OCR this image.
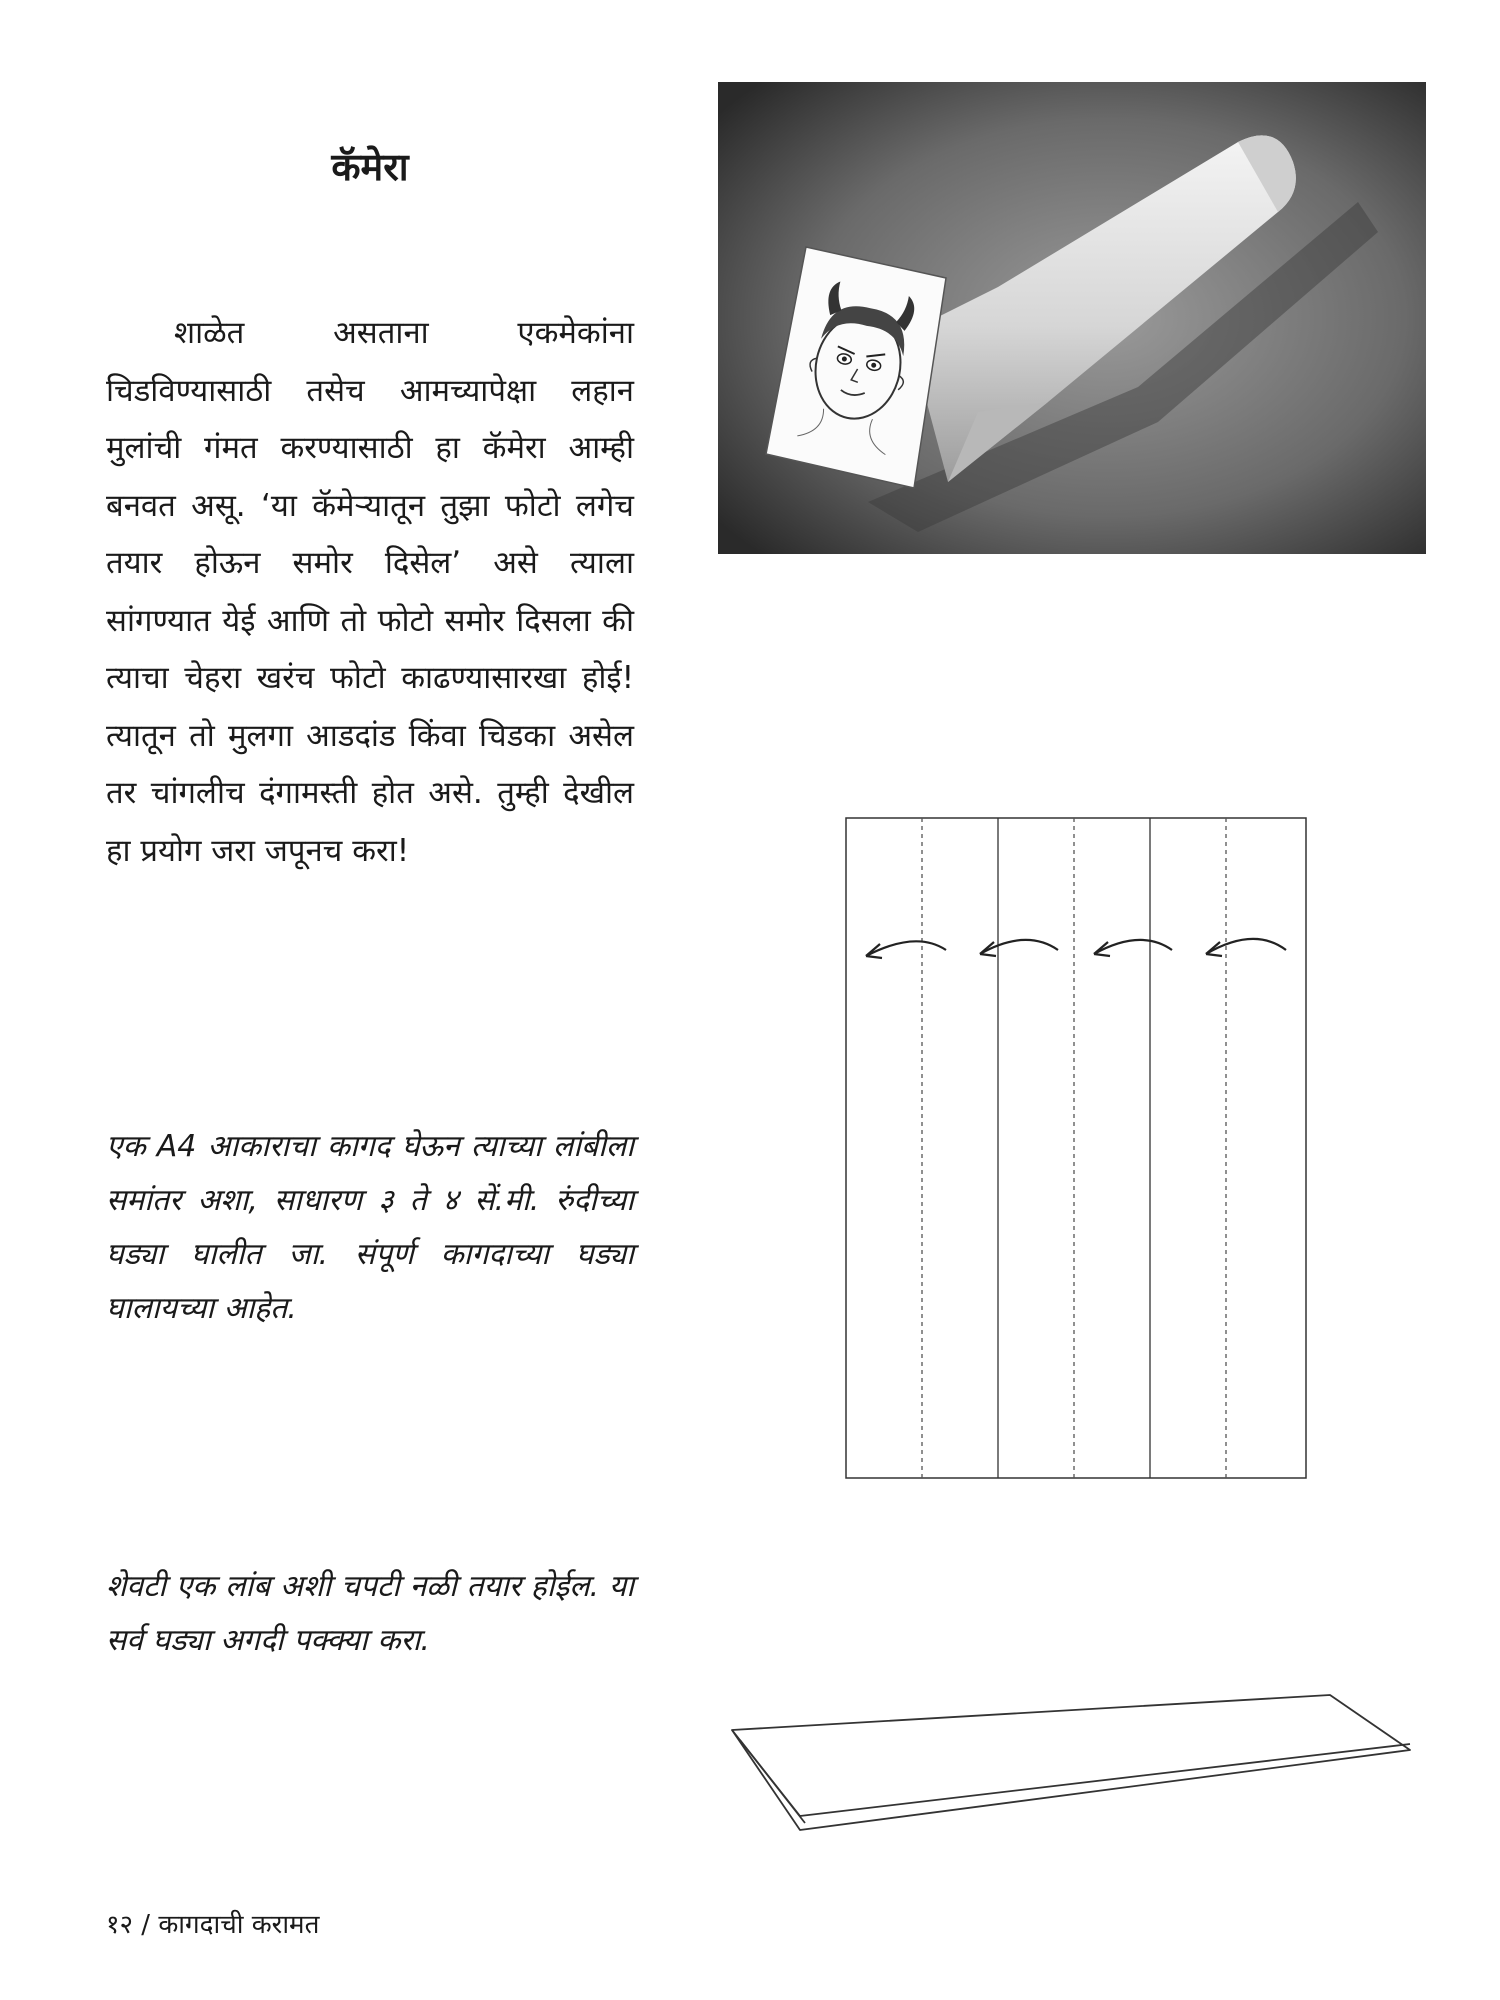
कॅमेरा

शाळेत असताना एकमेकांना चिडविण्यासाठी तसेच आमच्यापेक्षा लहान मुलांची गंमत करण्यासाठी हा कॅमेरा आम्ही बनवत असू. ‘या कॅमेऱ्यातून तुझा फोटो लगेच तयार होऊन समोर दिसेल’ असे त्याला सांगण्यात येई आणि तो फोटो समोर दिसला की त्याचा चेहरा खरंच फोटो काढण्यासारखा होई! त्यातून तो मुलगा आडदांड किंवा चिडका असेल तर चांगलीच दंगामस्ती होत असे. तुम्ही देखील हा प्रयोग जरा जपूनच करा!

एक A4 आकाराचा कागद घेऊन त्याच्या लांबीला समांतर अशा, साधारण ३ ते ४ सें.मी. रुंदीच्या घड्या घालीत जा. संपूर्ण कागदाच्या घड्या घालायच्या आहेत.

शेवटी एक लांब अशी चपटी नळी तयार होईल. या सर्व घड्या अगदी पक्क्या करा.

१२ / कागदाची करामत
